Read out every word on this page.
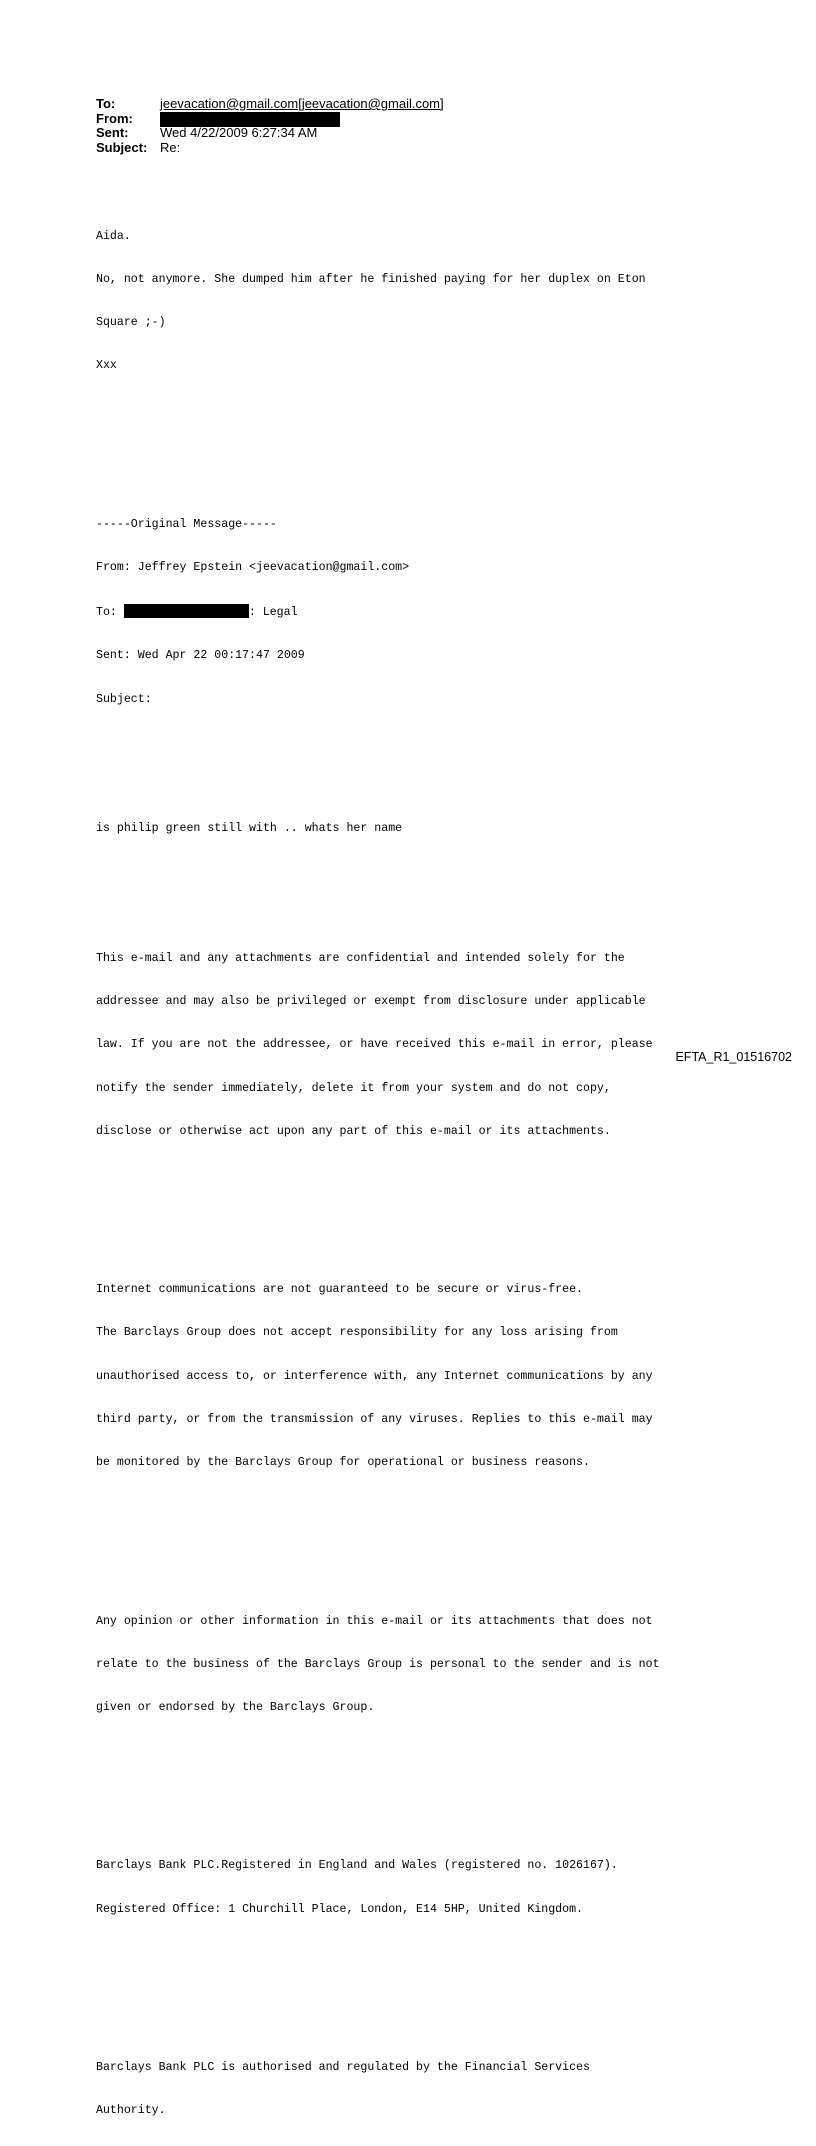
To:	jeevacation@gmail.com[jeevacation@gmail.com]
From:
Sent:	Wed 4/22/2009 6:27:34 AM
Subject: Re:

Aida.

No, not anymore. She dumped him after he finished paying for her duplex on Eton

Square ;-)

Xxx

-----Original Message-----

From: Jeffrey Epstein <jeevacation@gmail.com>

To:	: Legal

Sent: Wed Apr 22 00:17:47 2009

Subject:

is philip green still with .. whats her name

This e-mail and any attachments are confidential and intended solely for the

addressee and may also be privileged or exempt from disclosure under applicable

law. If you are not the addressee, or have received this e-mail in error, please

notify the sender immediately, delete it from your system and do not copy,

disclose or otherwise act upon any part of this e-mail or its attachments.

Internet communications are not guaranteed to be secure or virus-free.

The Barclays Group does not accept responsibility for any loss arising from

unauthorised access to, or interference with, any Internet communications by any

third party, or from the transmission of any viruses. Replies to this e-mail may

be monitored by the Barclays Group for operational or business reasons.

Any opinion or other information in this e-mail or its attachments that does not

relate to the business of the Barclays Group is personal to the sender and is not

given or endorsed by the Barclays Group.

Barclays Bank PLC.Registered in England and Wales (registered no. 1026167).

Registered Office: 1 Churchill Place, London, E14 5HP, United Kingdom.

Barclays Bank PLC is authorised and regulated by the Financial Services

Authority.

EFTA_R1_01516702
